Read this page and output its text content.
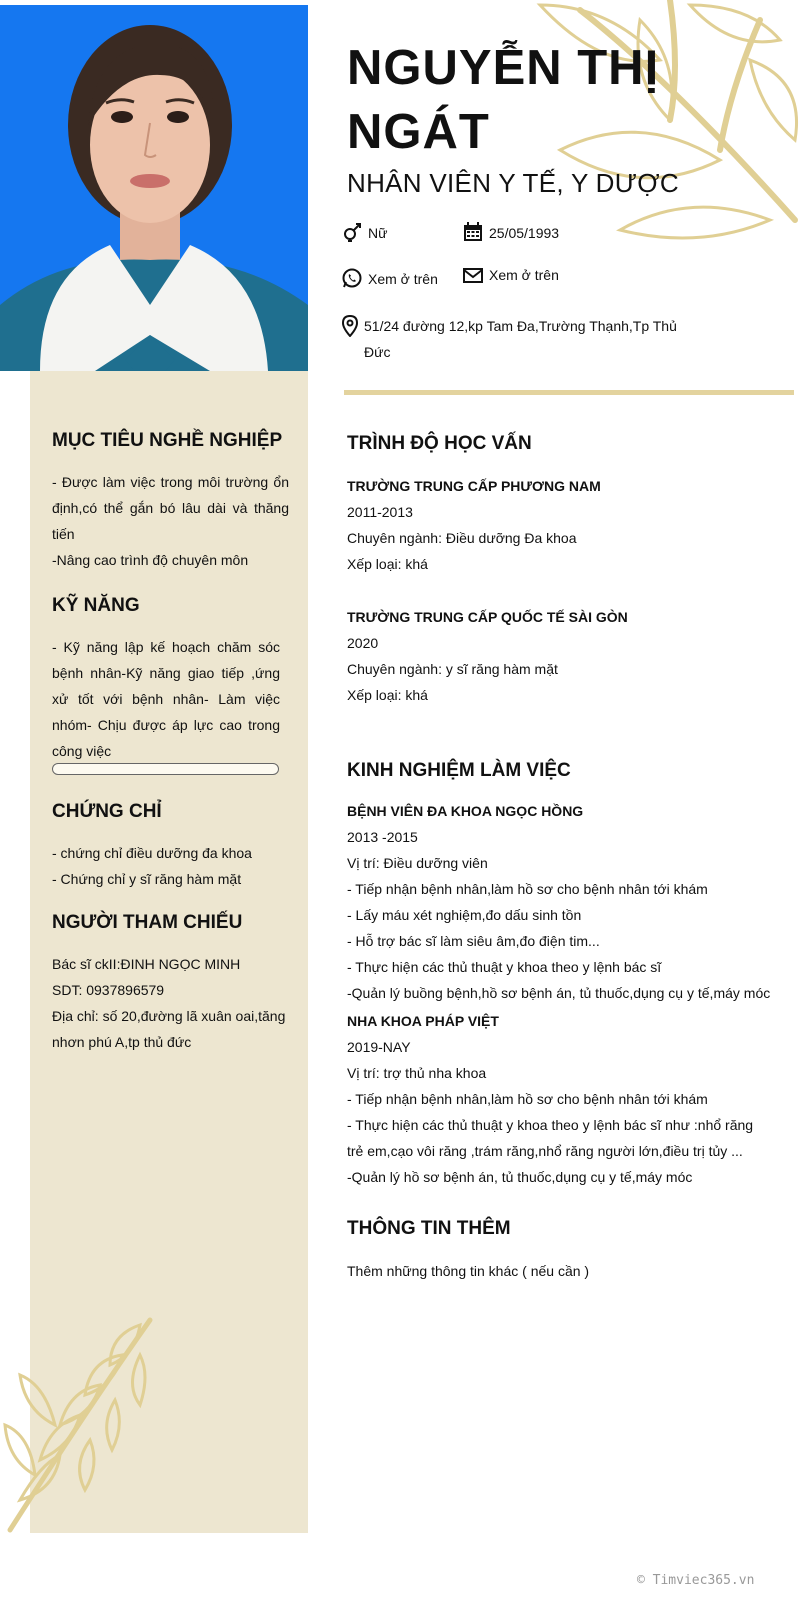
NGUYỄN THỊ NGÁT
NHÂN VIÊN Y TẾ, Y DƯỢC
Nữ	25/05/1993
Xem ở trên	Xem ở trên
51/24 đường 12,kp Tam Đa,Trường Thạnh,Tp Thủ Đức
MỤC TIÊU NGHỀ NGHIỆP
- Được làm việc trong môi trường ổn định,có thể gắn bó lâu dài và thăng tiến
-Nâng cao trình độ chuyên môn
KỸ NĂNG
- Kỹ năng lập kế hoạch chăm sóc bệnh nhân-Kỹ năng giao tiếp ,ứng xử tốt với bệnh nhân- Làm việc nhóm- Chịu được áp lực cao trong công việc
CHỨNG CHỈ
- chứng chỉ điều dưỡng đa khoa
- Chứng chỉ y sĩ răng hàm mặt
NGƯỜI THAM CHIẾU
Bác sĩ ckII:ĐINH NGỌC MINH
SDT: 0937896579
Địa chỉ: số 20,đường lã xuân oai,tăng nhơn phú A,tp thủ đức
TRÌNH ĐỘ HỌC VẤN
TRƯỜNG TRUNG CẤP PHƯƠNG NAM
2011-2013
Chuyên ngành: Điều dưỡng Đa khoa
Xếp loại: khá
TRƯỜNG TRUNG CẤP QUỐC TẾ SÀI GÒN
2020
Chuyên ngành: y sĩ răng hàm mặt
Xếp loại: khá
KINH NGHIỆM LÀM VIỆC
BỆNH VIÊN ĐA KHOA NGỌC HỒNG
2013 -2015
Vị trí: Điều dưỡng viên
- Tiếp nhận bệnh nhân,làm hồ sơ cho bệnh nhân tới khám
- Lấy máu xét nghiệm,đo dấu sinh tồn
- Hỗ trợ bác sĩ làm siêu âm,đo điện tim...
- Thực hiện các thủ thuật y khoa theo y lệnh bác sĩ
-Quản lý buồng bệnh,hồ sơ bệnh án, tủ thuốc,dụng cụ y tế,máy móc
NHA KHOA PHÁP VIỆT
2019-NAY
Vị trí: trợ thủ nha khoa
- Tiếp nhận bệnh nhân,làm hồ sơ cho bệnh nhân tới khám
- Thực hiện các thủ thuật y khoa theo y lệnh bác sĩ như :nhổ răng trẻ em,cạo vôi răng ,trám răng,nhổ răng người lớn,điều trị tủy ...
-Quản lý hồ sơ bệnh án, tủ thuốc,dụng cụ y tế,máy móc
THÔNG TIN THÊM
Thêm những thông tin khác ( nếu cần )
© Timviec365.vn
